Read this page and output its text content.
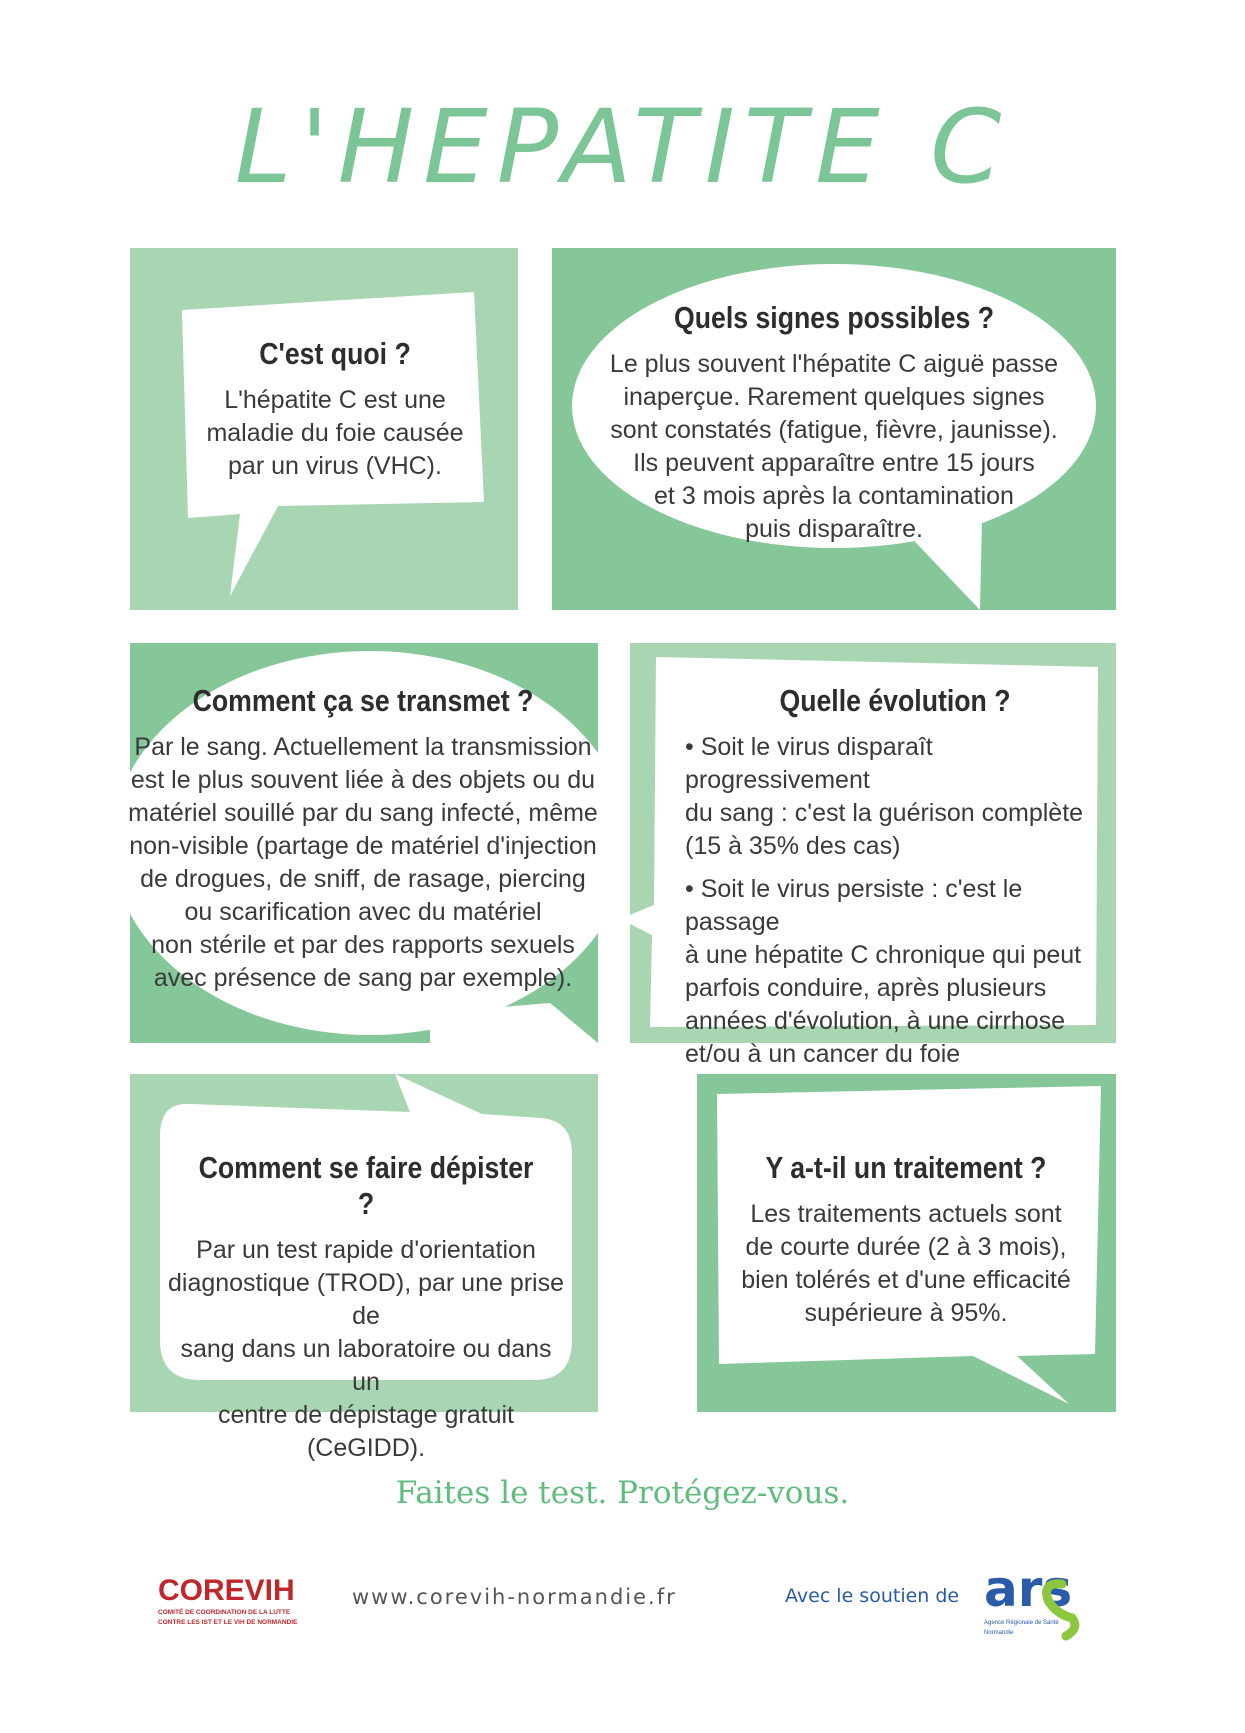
L'HEPATITE C
C'est quoi ?

L'hépatite C est une
maladie du foie causée
par un virus (VHC).

Quels signes possibles ?

Le plus souvent l'hépatite C aiguë passe
inaperçue. Rarement quelques signes
sont constatés (fatigue, fièvre, jaunisse).
Ils peuvent apparaître entre 15 jours
et 3 mois après la contamination
puis disparaître.

Comment ça se transmet ?

Par le sang. Actuellement la transmission
est le plus souvent liée à des objets ou du
matériel souillé par du sang infecté, même
non-visible (partage de matériel d'injection
de drogues, de sniff, de rasage, piercing
ou scarification avec du matériel
non stérile et par des rapports sexuels
avec présence de sang par exemple).

Quelle évolution ?

• Soit le virus disparaît progressivement
du sang : c'est la guérison complète
(15 à 35% des cas)

• Soit le virus persiste : c'est le passage
à une hépatite C chronique qui peut
parfois conduire, après plusieurs
années d'évolution, à une cirrhose
et/ou à un cancer du foie

Comment se faire dépister ?

Par un test rapide d'orientation
diagnostique (TROD), par une prise de
sang dans un laboratoire ou dans un
centre de dépistage gratuit (CeGIDD).

Y a-t-il un traitement ?

Les traitements actuels sont
de courte durée (2 à 3 mois),
bien tolérés et d'une efficacité
supérieure à 95%.

Faites le test. Protégez-vous.
COREVIH
COMITÉ DE COORDINATION DE LA LUTTE
CONTRE LES IST ET LE VIH DE NORMANDIE
www.corevih-normandie.fr	Avec le soutien de ars
Agence Régionale de Santé
Normandie
